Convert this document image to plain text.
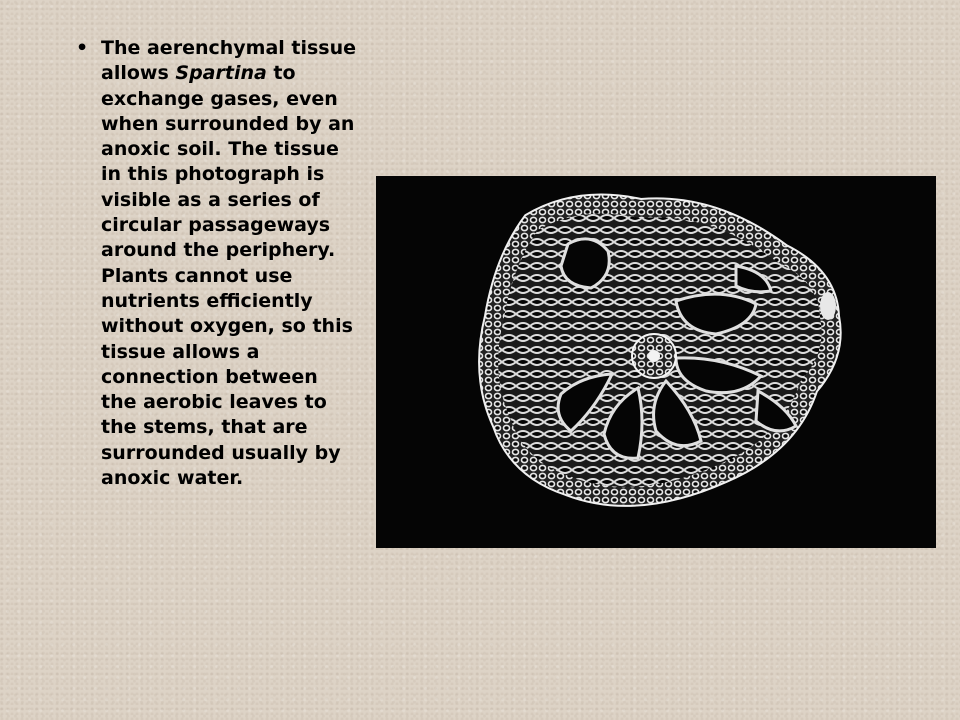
• The aerenchymal tissue allows Spartina to exchange gases, even when surrounded by an anoxic soil. The tissue in this photograph is visible as a series of circular passageways around the periphery. Plants cannot use nutrients efficiently without oxygen, so this tissue allows a connection between the aerobic leaves to the stems, that are surrounded usually by anoxic water.
